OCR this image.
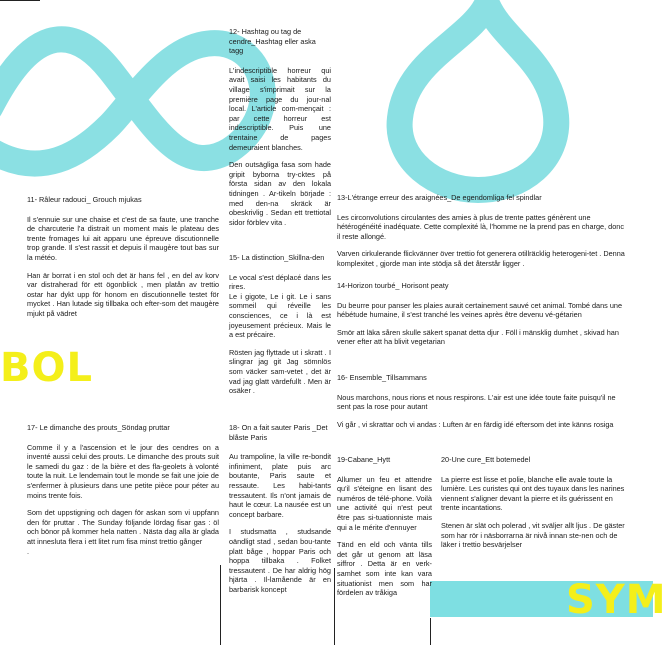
BOL
SYM
11- Râleur radouci_ Grouch mjukas

Il s'ennuie sur une chaise et c'est de sa faute, une tranche de charcuterie l'a distrait un moment mais le plateau des trente fromages lui ait apparu une épreuve discutionnelle trop grande. Il s'est rassit et depuis il maugère tout bas sur la météo.

Han är borrat i en stol och det är hans fel , en del av korv var distraherad för ett ögonblick , men platån av trettio ostar har dykt upp för honom en discutionnelle testet för mycket . Han lutade sig tillbaka och efter-som det maugère mjukt på vädret

17- Le dimanche des prouts_Söndag pruttar

Comme il y a l'ascension et le jour des cendres on a inventé aussi celui des prouts. Le dimanche des prouts suit le samedi du gaz : de la bière et des fla-geolets à volonté toute la nuit. Le lendemain tout le monde se fait une joie de s'enfermer à plusieurs dans une petite pièce pour péter au moins trente fois.

Som det uppstigning och dagen för askan som vi uppfann den för pruttar . The Sunday följande lördag fisar gas : öl och bönor på kommer hela natten . Nästa dag alla är glada att inneslutа flera i ett litet rum fisa minst trettio gånger
.

12- Hashtag ou tag de cendre_Hashtag eller aska tagg

L'indescriptible horreur qui avait saisi les habitants du village s'imprimait sur la première page du jour-nal local. L'article com-mençait : par cette horreur est indescriptible. Puis une trentaine de pages demeuraient blanches.

Den outsägliga fasa som hade gripit byborna try-cktes på första sidan av den lokala tidningen . Ar-tikeln började : med den-na skräck är obeskrivlig . Sedan ett trettiotal sidor förblev vita .

15- La distinction_Skillna-den

Le vocal s'est déplacé dans les rires.
Le i gigote, Le i git. Le i sans sommeil qui réveille les consciences, ce i là est joyeusement précieux. Mais le a est précaire.

Rösten jag flyttade ut i skratt . I slingrar jag git Jag sömnlös som väcker sam-vetet , det är vad jag glatt värdefullt . Men är osäker .

18- On a fait sauter Paris _Det blåste Paris

Au trampoline, la ville re-bondit infiniment, plate puis arc boutante, Paris saute et ressaute. Les habi-tants tressautent. Ils n'ont jamais de haut le cœur. La nausée est un concept barbare.

I studsmatta , studsande oändligt stad , sedan bou-tante platt båge , hoppar Paris och hoppa tillbaka . Folket tressautent . De har aldrig hög hjärta . Il-lamående är en barbarisk koncept

13-L'étrange erreur des araignées_De egendomliga fel spindlar

Les circonvolutions circulantes des amies à plus de trente pattes génèrent une hétérogénéité inadéquate. Cette complexité là, l'homme ne la prend pas en charge, donc il reste allongé.

Varven cirkulerande flickvänner över trettio fot generera otillräcklig heterogeni-tet . Denna komplexitet , gjorde man inte stödja så det återstår ligger .

14-Horizon tourbé_ Horisont peaty

Du beurre pour panser les plaies aurait certainement sauvé cet animal. Tombé dans une hébétude humaine, il s'est tranché les veines après être devenu vé-gétarien

Smör att läka såren skulle säkert spanat detta djur . Föll i mänsklig dumhet , skivad han vener efter att ha blivit vegetarian

16- Ensemble_Tillsammans

Nous marchons, nous rions et nous respirons. L'air est une idée toute faite puisqu'il ne sent pas la rose pour autant

Vi går , vi skrattar och vi andas : Luften är en färdig idé eftersom det inte känns rosiga

19-Cabane_Hytt

Allumer un feu et attendre qu'il s'éteigne en lisant des numéros de télé-phone. Voilà une activité qui n'est peut être pas si-tuationniste mais qui a le mérite d'ennuyer

Tänd en eld och vänta tills det går ut genom att läsa siffror . Detta är en verk-samhet som inte kan vara situationist men som har fördelen av tråkiga

20-Une cure_Ett botemedel

La pierre est lisse et polie, blanche elle avale toute la lumière. Les curistes qui ont des tuyaux dans les narines viennent s'aligner devant la pierre et ils guérissent en trente incantations.

Stenen är slät och polerad , vit sväljer allt ljus . De gäster som har rör i näsborrarna är nivå innan ste-nen och de läker i trettio besvärjelser
